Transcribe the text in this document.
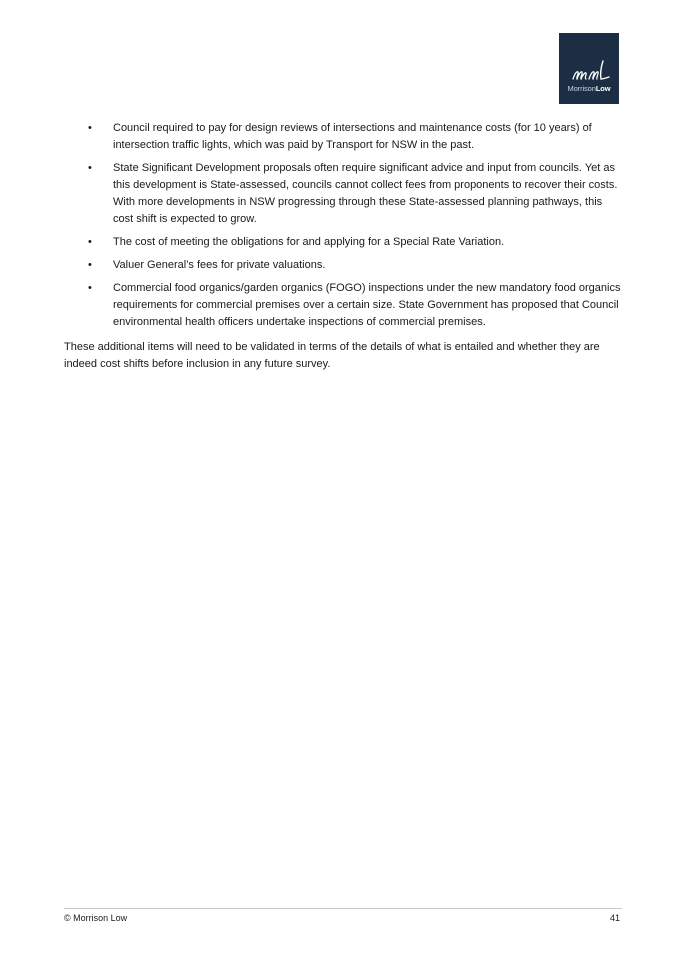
MorrisonLow
• Council required to pay for design reviews of intersections and maintenance costs (for 10 years) of intersection traffic lights, which was paid by Transport for NSW in the past.
• State Significant Development proposals often require significant advice and input from councils. Yet as this development is State-assessed, councils cannot collect fees from proponents to recover their costs. With more developments in NSW progressing through these State-assessed planning pathways, this cost shift is expected to grow.
• The cost of meeting the obligations for and applying for a Special Rate Variation.
• Valuer General’s fees for private valuations.
• Commercial food organics/garden organics (FOGO) inspections under the new mandatory food organics requirements for commercial premises over a certain size. State Government has proposed that Council environmental health officers undertake inspections of commercial premises.

These additional items will need to be validated in terms of the details of what is entailed and whether they are indeed cost shifts before inclusion in any future survey.

© Morrison Low	41
